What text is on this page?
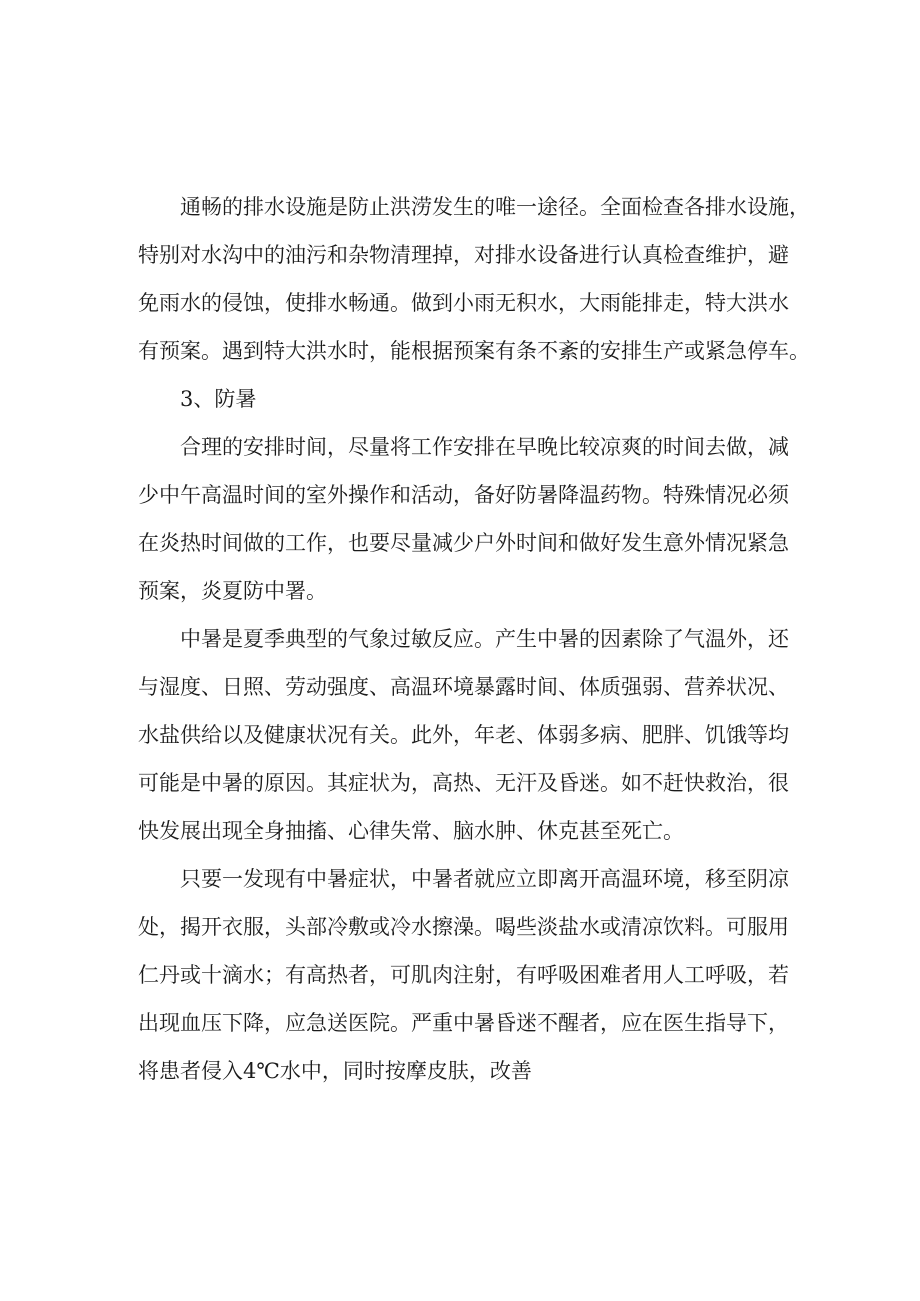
通畅的排水设施是防止洪涝发生的唯一途径。全面检查各排水设施，

特别对水沟中的油污和杂物清理掉，对排水设备进行认真检查维护，避

免雨水的侵蚀，使排水畅通。做到小雨无积水，大雨能排走，特大洪水

有预案。遇到特大洪水时，能根据预案有条不紊的安排生产或紧急停车。

3、防暑

合理的安排时间，尽量将工作安排在早晚比较凉爽的时间去做，减

少中午高温时间的室外操作和活动，备好防暑降温药物。特殊情况必须

在炎热时间做的工作，也要尽量减少户外时间和做好发生意外情况紧急

预案，炎夏防中署。

中暑是夏季典型的气象过敏反应。产生中暑的因素除了气温外，还

与湿度、日照、劳动强度、高温环境暴露时间、体质强弱、营养状况、

水盐供给以及健康状况有关。此外，年老、体弱多病、肥胖、饥饿等均

可能是中暑的原因。其症状为，高热、无汗及昏迷。如不赶快救治，很

快发展出现全身抽搐、心律失常、脑水肿、休克甚至死亡。

只要一发现有中暑症状，中暑者就应立即离开高温环境，移至阴凉

处，揭开衣服，头部冷敷或冷水擦澡。喝些淡盐水或清凉饮料。可服用

仁丹或十滴水；有高热者，可肌肉注射，有呼吸困难者用人工呼吸，若

出现血压下降，应急送医院。严重中暑昏迷不醒者，应在医生指导下，

将患者侵入4℃水中，同时按摩皮肤，改善
